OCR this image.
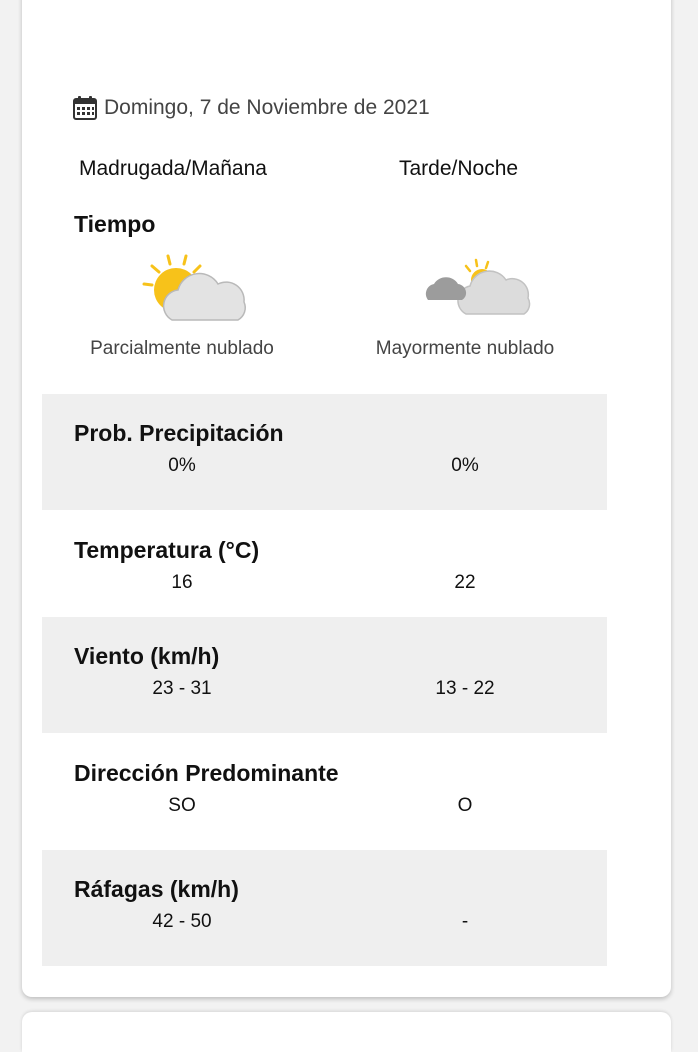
Domingo, 7 de Noviembre de 2021
Madrugada/Mañana	Tarde/Noche
Tiempo
Parcialmente nublado	Mayormente nublado
Prob. Precipitación
0%	0%
Temperatura (°C)
16	22
Viento (km/h)
23 - 31	13 - 22
Dirección Predominante
SO	O
Ráfagas (km/h)
42 - 50	-
